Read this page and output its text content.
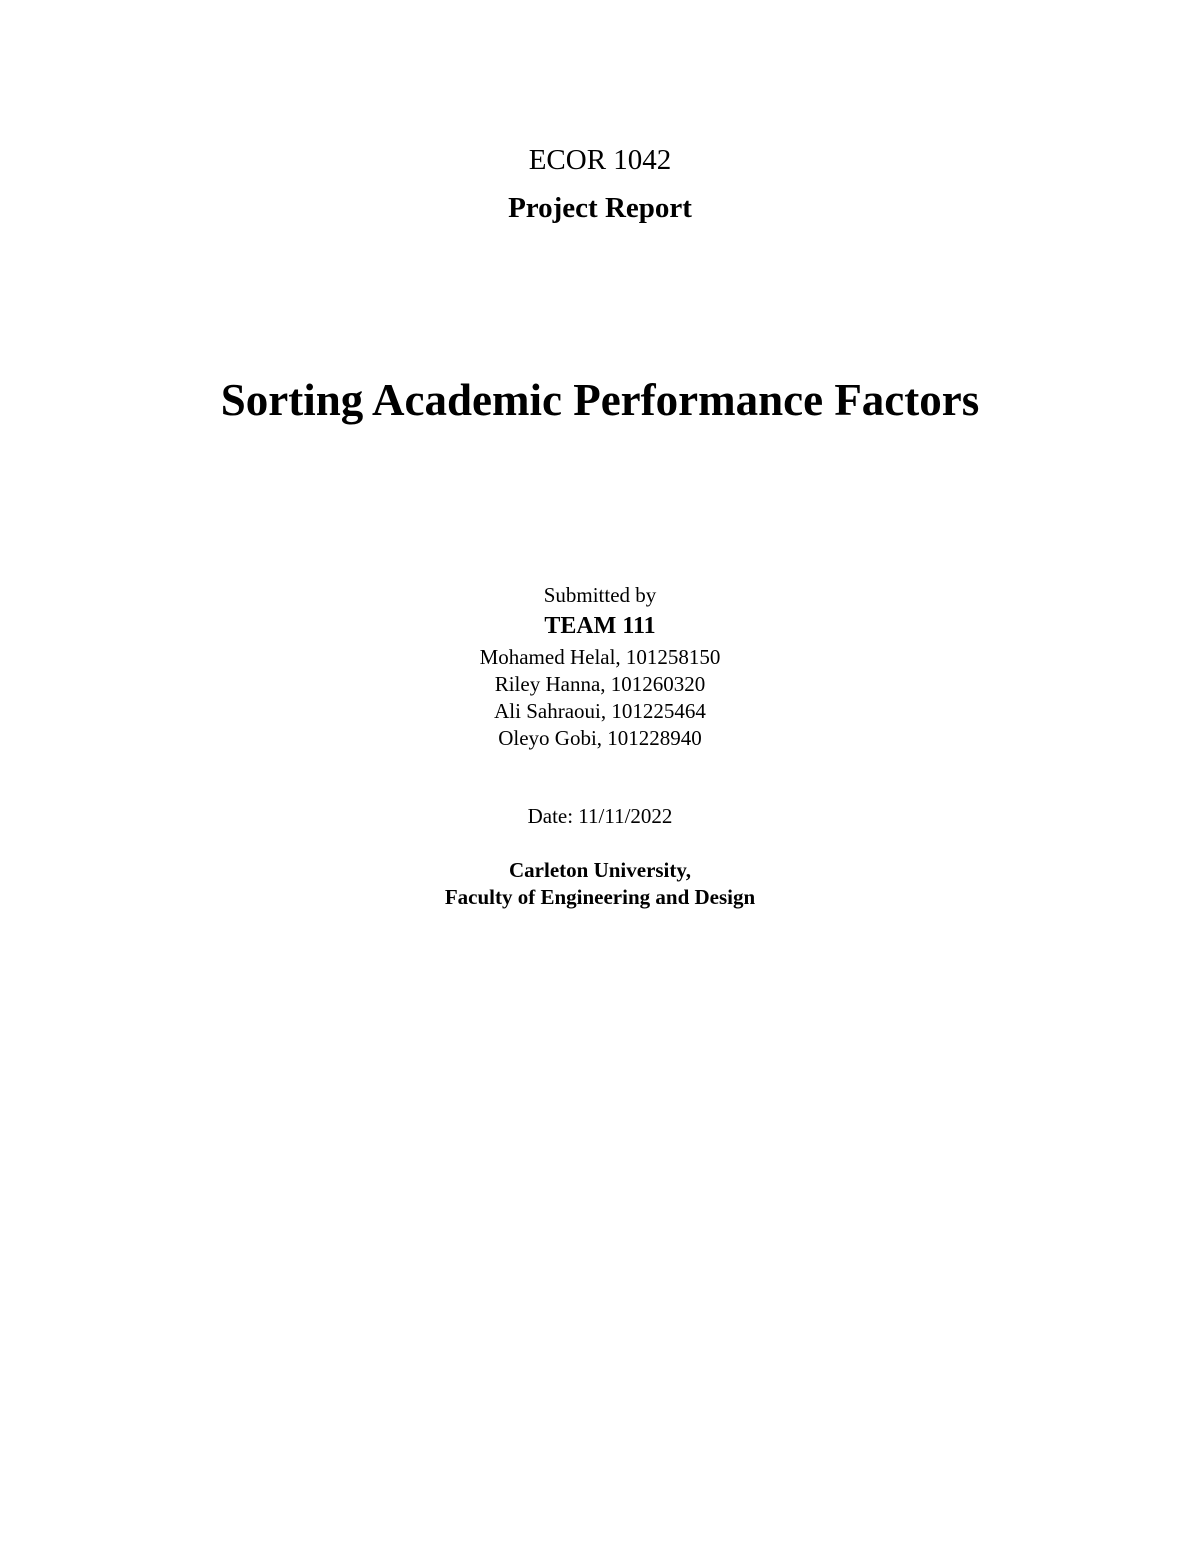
ECOR 1042
Project Report
Sorting Academic Performance Factors
Submitted by
TEAM 111
Mohamed Helal, 101258150
Riley Hanna, 101260320
Ali Sahraoui, 101225464
Oleyo Gobi, 101228940
Date: 11/11/2022
Carleton University,
Faculty of Engineering and Design
